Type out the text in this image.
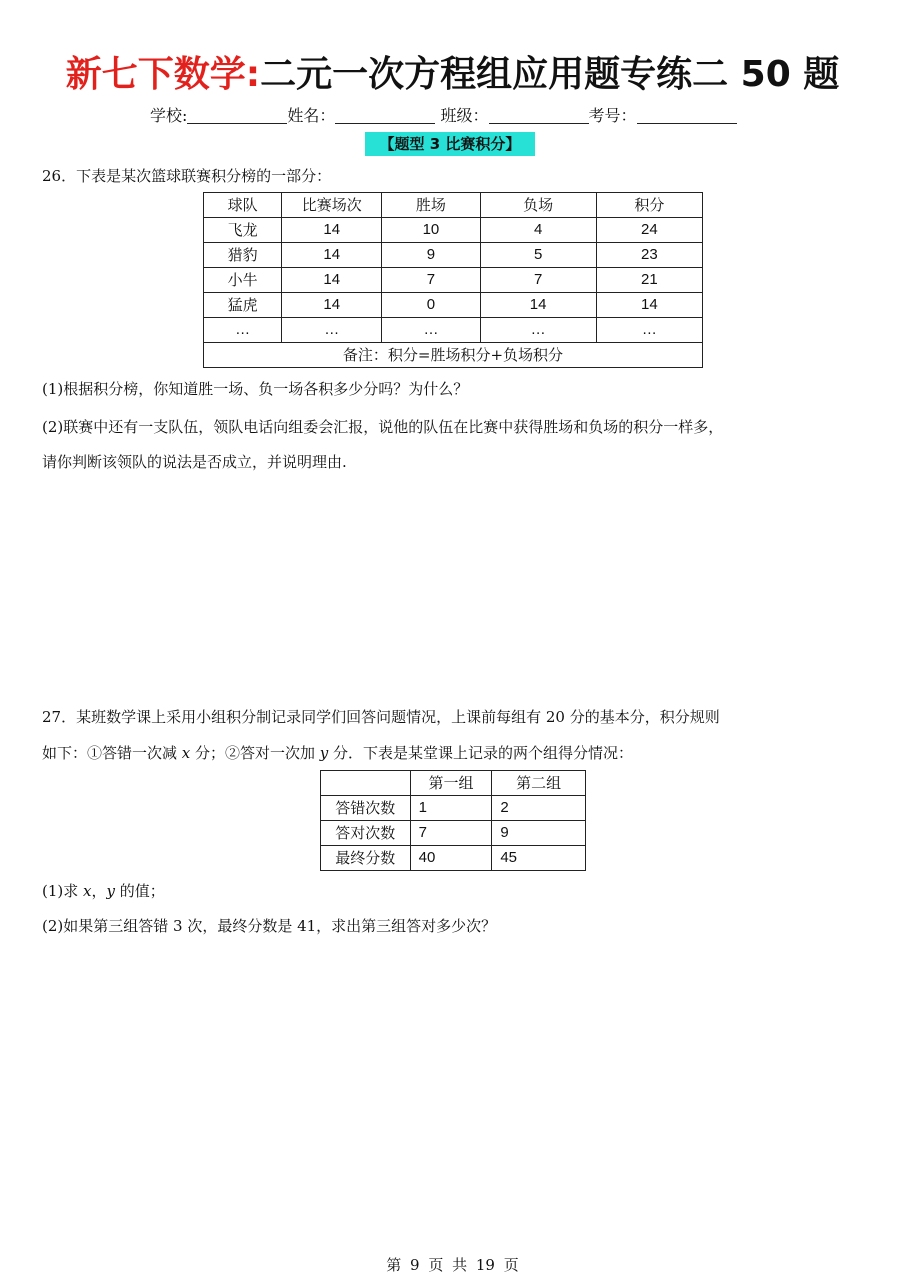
新七下数学:二元一次方程组应用题专练二 50 题
学校:	姓名：	班级：	考号：
【题型 3 比赛积分】
26．下表是某次篮球联赛积分榜的一部分：
球队	比赛场次	胜场	负场	积分
飞龙	14	10	4	24
猎豹	14	9	5	23
小牛	14	7	7	21
猛虎	14	0	14	14
…	…	…	…	…
备注：积分=胜场积分+负场积分				
(1)根据积分榜，你知道胜一场、负一场各积多少分吗？为什么？
(2)联赛中还有一支队伍，领队电话向组委会汇报，说他的队伍在比赛中获得胜场和负场的积分一样多，
请你判断该领队的说法是否成立，并说明理由.
27．某班数学课上采用小组积分制记录同学们回答问题情况，上课前每组有 20 分的基本分，积分规则
如下：①答错一次减 x 分；②答对一次加 y 分．下表是某堂课上记录的两个组得分情况：
	第一组	第二组
答错次数	1	2
答对次数	7	9
最终分数	40	45
(1)求 x，y 的值；
(2)如果第三组答错 3 次，最终分数是 41，求出第三组答对多少次？
第 9 页 共 19 页
